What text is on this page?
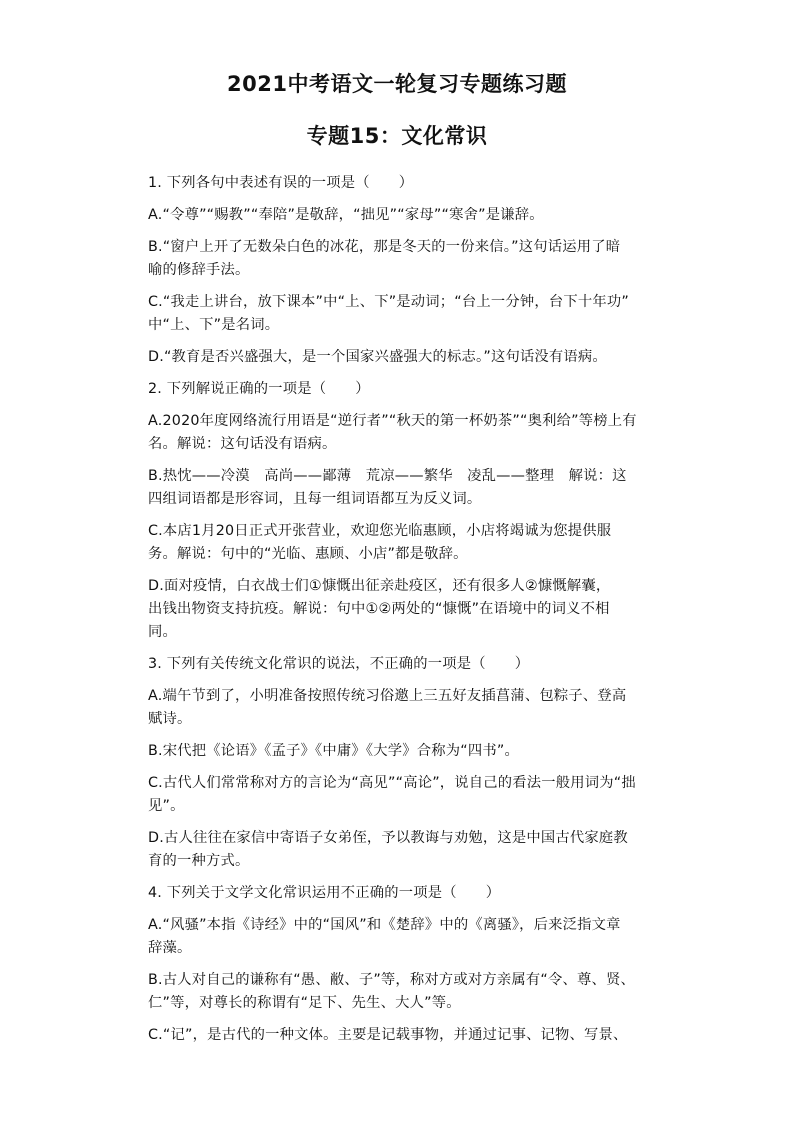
2021中考语文一轮复习专题练习题
专题15：文化常识

1. 下列各句中表述有误的一项是（　　）

A.“令尊”“赐教”“奉陪”是敬辞，“拙见”“家母”“寒舍”是谦辞。

B.“窗户上开了无数朵白色的冰花，那是冬天的一份来信。”这句话运用了暗
喻的修辞手法。

C.“我走上讲台，放下课本”中“上、下”是动词；“台上一分钟，台下十年功”
中“上、下”是名词。

D.“教育是否兴盛强大，是一个国家兴盛强大的标志。”这句话没有语病。

2. 下列解说正确的一项是（　　）

A.2020年度网络流行用语是“逆行者”“秋天的第一杯奶茶”“奥利给”等榜上有
名。解说：这句话没有语病。

B.热忱——冷漠　高尚——鄙薄　荒凉——繁华　凌乱——整理　解说：这
四组词语都是形容词，且每一组词语都互为反义词。

C.本店1月20日正式开张营业，欢迎您光临惠顾，小店将竭诚为您提供服
务。解说：句中的“光临、惠顾、小店”都是敬辞。

D.面对疫情，白衣战士们①慷慨出征亲赴疫区，还有很多人②慷慨解囊，
出钱出物资支持抗疫。解说：句中①②两处的“慷慨”在语境中的词义不相
同。

3. 下列有关传统文化常识的说法，不正确的一项是（　　）

A.端午节到了，小明准备按照传统习俗邀上三五好友插菖蒲、包粽子、登高
赋诗。

B.宋代把《论语》《孟子》《中庸》《大学》合称为“四书”。

C.古代人们常常称对方的言论为“高见”“高论”，说自己的看法一般用词为“拙
见”。

D.古人往往在家信中寄语子女弟侄，予以教诲与劝勉，这是中国古代家庭教
育的一种方式。

4. 下列关于文学文化常识运用不正确的一项是（　　）

A.“风骚”本指《诗经》中的“国风”和《楚辞》中的《离骚》，后来泛指文章
辞藻。

B.古人对自己的谦称有“愚、敝、子”等，称对方或对方亲属有“令、尊、贤、
仁”等，对尊长的称谓有“足下、先生、大人”等。

C.“记”，是古代的一种文体。主要是记载事物，并通过记事、记物、写景、
